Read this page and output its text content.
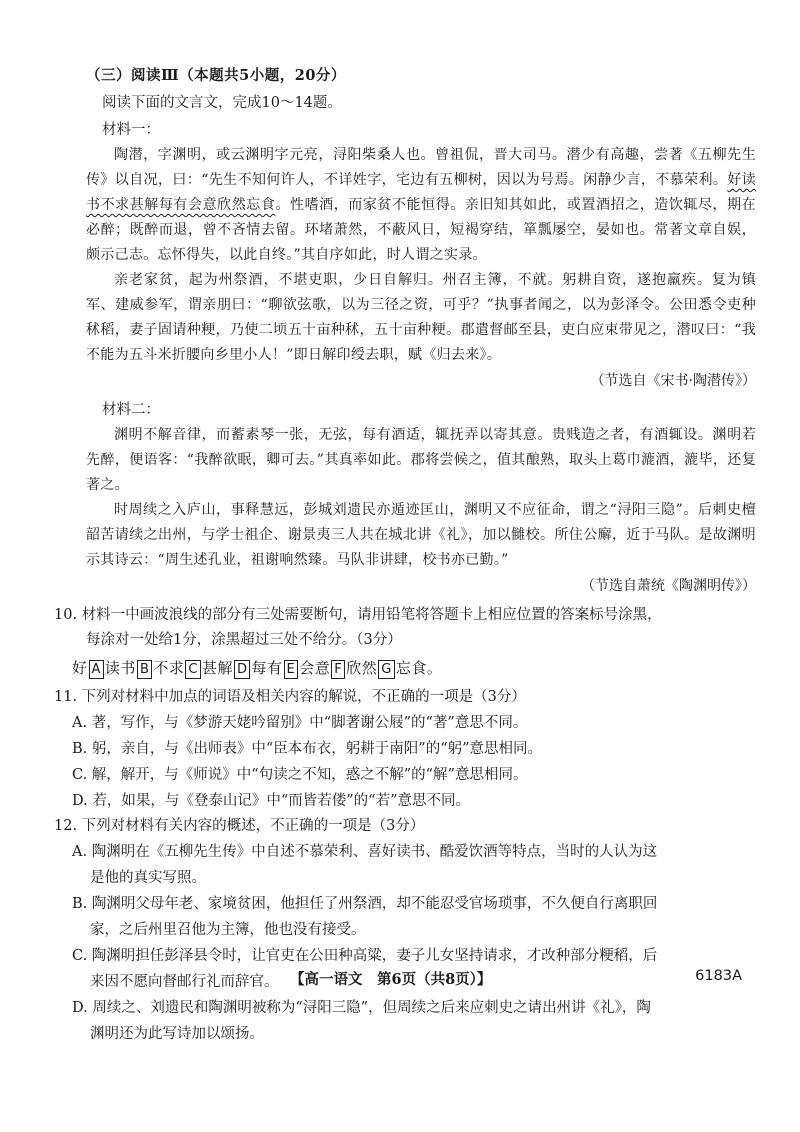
（三）阅读Ⅲ（本题共5小题，20分）
阅读下面的文言文，完成10～14题。
材料一：

陶潜，字渊明，或云渊明字元亮，浔阳柴桑人也。曾祖侃，晋大司马。潜少有高趣，尝著《五柳先生传》以自况，曰：“先生不知何许人，不详姓字，宅边有五柳树，因以为号焉。闲静少言，不慕荣利。好读书不求甚解每有会意欣然忘食。性嗜酒，而家贫不能恒得。亲旧知其如此，或置酒招之，造饮辄尽，期在必醉；既醉而退，曾不吝情去留。环堵萧然，不蔽风日，短褐穿结，箪瓢屡空，晏如也。常著文章自娱，颇示己志。忘怀得失，以此自终。”其自序如此，时人谓之实录。

亲老家贫，起为州祭酒，不堪吏职，少日自解归。州召主簿，不就。躬耕自资，遂抱羸疾。复为镇军、建威参军，谓亲朋曰：“聊欲弦歌，以为三径之资，可乎？”执事者闻之，以为彭泽令。公田悉令吏种秫稻，妻子固请种粳，乃使二顷五十亩种秫，五十亩种粳。郡遣督邮至县，吏白应束带见之，潜叹曰：“我不能为五斗米折腰向乡里小人！”即日解印绶去职，赋《归去来》。

（节选自《宋书·陶潜传》）
材料二：

渊明不解音律，而蓄素琴一张，无弦，每有酒适，辄抚弄以寄其意。贵贱造之者，有酒辄设。渊明若先醉，便语客：“我醉欲眠，卿可去。”其真率如此。郡将尝候之，值其酿熟，取头上葛巾漉酒，漉毕，还复著之。

时周续之入庐山，事释慧远，彭城刘遗民亦遁迹匡山，渊明又不应征命，谓之“浔阳三隐”。后刺史檀韶苦请续之出州，与学士祖企、谢景夷三人共在城北讲《礼》，加以雠校。所住公廨，近于马队。是故渊明示其诗云：“周生述孔业，祖谢响然臻。马队非讲肆，校书亦已勤。”

（节选自萧统《陶渊明传》）
10. 材料一中画波浪线的部分有三处需要断句，请用铅笔将答题卡上相应位置的答案标号涂黑，
每涂对一处给1分，涂黑超过三处不给分。（3分）
好 A 读书 B 不求 C 甚解 D 每有 E 会意 F 欣然 G 忘食。
11. 下列对材料中加点的词语及相关内容的解说，不正确的一项是（3分）
A. 著，写作，与《梦游天姥吟留别》中“脚著谢公屐”的“著”意思不同。
B. 躬，亲自，与《出师表》中“臣本布衣，躬耕于南阳”的“躬”意思相同。
C. 解，解开，与《师说》中“句读之不知，惑之不解”的“解”意思相同。
D. 若，如果，与《登泰山记》中“而皆若偻”的“若”意思不同。
12. 下列对材料有关内容的概述，不正确的一项是（3分）
A. 陶渊明在《五柳先生传》中自述不慕荣利、喜好读书、酷爱饮酒等特点，当时的人认为这
是他的真实写照。
B. 陶渊明父母年老、家境贫困，他担任了州祭酒，却不能忍受官场琐事，不久便自行离职回
家，之后州里召他为主簿，他也没有接受。
C. 陶渊明担任彭泽县令时，让官吏在公田种高粱，妻子儿女坚持请求，才改种部分粳稻，后
来因不愿向督邮行礼而辞官。
D. 周续之、刘遗民和陶渊明被称为“浔阳三隐”，但周续之后来应刺史之请出州讲《礼》，陶
渊明还为此写诗加以颂扬。
【高一语文　第6页（共8页）】	6183A
